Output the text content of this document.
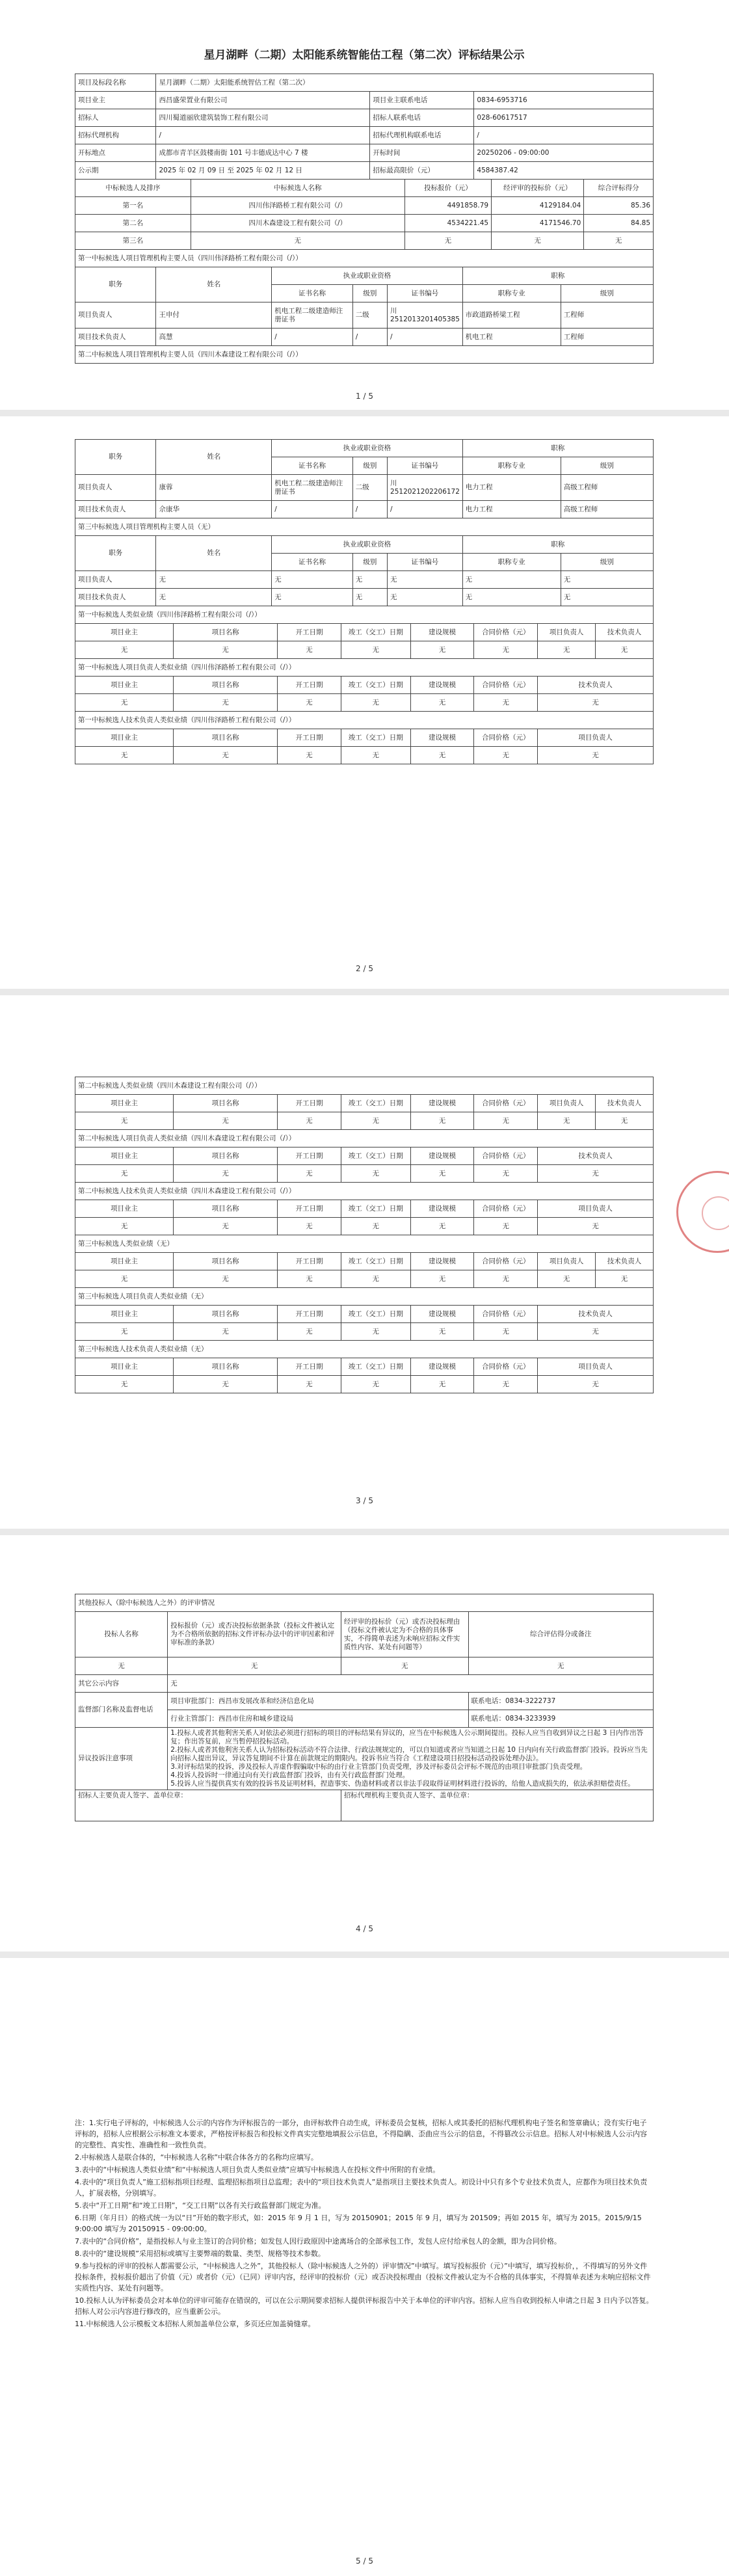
星月湖畔（二期）太阳能系统智能估工程（第二次）评标结果公示
项目及标段名称	星月湖畔（二期）太阳能系统智估工程（第二次）		
项目业主	西昌盛荣置业有限公司	项目业主联系电话	0834-6953716
招标人	四川蜀道丽欣建筑装饰工程有限公司	招标人联系电话	028-60617517
招标代理机构	/	招标代理机构联系电话	/
开标地点	成都市青羊区鼓楼南街 101 号丰德成达中心 7 楼	开标时间	20250206 - 09:00:00
公示期	2025 年 02 月 09 日 至 2025 年 02 月 12 日	招标最高限价（元）	4584387.42
中标候选人及排序	中标候选人名称	投标报价（元）	经评审的投标价（元）	综合评标得分
第一名	四川伟泽路桥工程有限公司（/）	4491858.79	4129184.04	85.36
第二名	四川木森建设工程有限公司（/）	4534221.45	4171546.70	84.85
第三名	无	无	无	无
第一中标候选人项目管理机构主要人员（四川伟泽路桥工程有限公司（/））
职务	姓名	执业或职业资格			职称	
		证书名称	级别	证书编号	职称专业	级别
项目负责人	王申付	机电工程二级建造师注册证书	二级	川 2512013201405385	市政道路桥梁工程	工程师
项目技术负责人	高慧	/	/	/	机电工程	工程师
第二中标候选人项目管理机构主要人员（四川木森建设工程有限公司（/））						
1 / 5
职务	姓名	执业或职业资格			职称	
		证书名称	级别	证书编号	职称专业	级别
项目负责人	康蓉	机电工程二级建造师注册证书	二级	川 2512021202206172	电力工程	高级工程师
项目技术负责人	佘康华	/	/	/	电力工程	高级工程师
第三中标候选人项目管理机构主要人员（无）						
职务	姓名	执业或职业资格			职称	
		证书名称	级别	证书编号	职称专业	级别
项目负责人	无	无	无	无	无	无
项目技术负责人	无	无	无	无	无	无
第一中标候选人类似业绩（四川伟泽路桥工程有限公司（/））							
项目业主	项目名称	开工日期	竣工（交工）日期	建设规模	合同价格（元）	项目负责人	技术负责人
无	无	无	无	无	无	无	无
第一中标候选人项目负责人类似业绩（四川伟泽路桥工程有限公司（/））							
项目业主	项目名称	开工日期	竣工（交工）日期	建设规模	合同价格（元）	技术负责人	
无	无	无	无	无	无	无	
第一中标候选人技术负责人类似业绩（四川伟泽路桥工程有限公司（/））							
项目业主	项目名称	开工日期	竣工（交工）日期	建设规模	合同价格（元）	项目负责人	
无	无	无	无	无	无	无	
2 / 5
第二中标候选人类似业绩（四川木森建设工程有限公司（/））							
项目业主	项目名称	开工日期	竣工（交工）日期	建设规模	合同价格（元）	项目负责人	技术负责人
无	无	无	无	无	无	无	无
第二中标候选人项目负责人类似业绩（四川木森建设工程有限公司（/））							
项目业主	项目名称	开工日期	竣工（交工）日期	建设规模	合同价格（元）	技术负责人	
无	无	无	无	无	无	无	
第二中标候选人技术负责人类似业绩（四川木森建设工程有限公司（/））							
项目业主	项目名称	开工日期	竣工（交工）日期	建设规模	合同价格（元）	项目负责人	
无	无	无	无	无	无	无	
第三中标候选人类似业绩（无）							
项目业主	项目名称	开工日期	竣工（交工）日期	建设规模	合同价格（元）	项目负责人	技术负责人
无	无	无	无	无	无	无	无
第三中标候选人项目负责人类似业绩（无）							
项目业主	项目名称	开工日期	竣工（交工）日期	建设规模	合同价格（元）	技术负责人	
无	无	无	无	无	无	无	
第三中标候选人技术负责人类似业绩（无）							
项目业主	项目名称	开工日期	竣工（交工）日期	建设规模	合同价格（元）	项目负责人	
无	无	无	无	无	无	无	
3 / 5
其他投标人（除中标候选人之外）的评审情况			
投标人名称	投标报价（元）或否决投标依据条款（投标文件被认定为不合格所依据的招标文件评标办法中的评审因素和评审标准的条款）	经评审的投标价（元）或否决投标理由（投标文件被认定为不合格的具体事实，不得简单表述为未响应招标文件实质性内容、某处有问题等）	综合评估得分或备注
无	无	无	无
其它公示内容	无		
监督部门名称及监督电话	项目审批部门：西昌市发展改革和经济信息化局		联系电话：0834-3222737
	行业主管部门：西昌市住房和城乡建设局		联系电话：0834-3233939
异议投诉注意事项	1.投标人或者其他利害关系人对依法必须进行招标的项目的评标结果有异议的，应当在中标候选人公示期间提出。投标人应当自收到异议之日起 3 日内作出答复；作出答复前，应当暂停招投标活动。
2.投标人或者其他利害关系人认为招标投标活动不符合法律、行政法规规定的，可以自知道或者应当知道之日起 10 日内向有关行政监督部门投诉。投诉应当先向招标人提出异议，异议答复期间不计算在前款规定的期限内。投诉书应当符合《工程建设项目招投标活动投诉处理办法》。
3.对评标结果的投诉，涉及投标人弄虚作假骗取中标的由行业主管部门负责受理，涉及评标委员会评标不规范的由项目审批部门负责受理。
4.投诉人投诉时一律通过向有关行政监督部门投诉，由有关行政监督部门处理。
5.投诉人应当提供真实有效的投诉书及证明材料，捏造事实、伪造材料或者以非法手段取得证明材料进行投诉的，给他人造成损失的，依法承担赔偿责任。		

招标人主要负责人签字、盖单位章：		招标代理机构主要负责人签字、盖单位章：	
4 / 5

注：1.实行电子评标的，中标候选人公示的内容作为评标报告的一部分，由评标软件自动生成，评标委员会复核，招标人或其委托的招标代理机构电子签名和签章确认；没有实行电子评标的，招标人应根据公示标准文本要求，严格按评标报告和投标文件真实完整地填报公示信息，不得隐瞒、歪曲应当公示的信息，不得篡改公示信息。招标人对中标候选人公示内容的完整性、真实性、准确性和一致性负责。

2.中标候选人是联合体的，“中标候选人名称”中联合体各方的名称均应填写。

3.表中的“中标候选人类似业绩”和“中标候选人项目负责人类似业绩”应填写中标候选人在投标文件中所附的有业绩。

4.表中的“项目负责人”施工招标指项目经理、监理招标指项目总监理；表中的“项目技术负责人”是指项目主要技术负责人。初设计中只有多个专业技术负责人，应都作为项目技术负责人，扩展表格，分别填写。

5.表中“开工日期”和“竣工日期”，“交工日期”以各有关行政监督部门规定为准。

6.日期（年月日）的格式统一为以“日”开始的数字形式，如：2015 年 9 月 1 日，写为 20150901；2015 年 9 月，填写为 201509；再如 2015 年，填写为 2015。2015/9/15 9:00:00 填写为 20150915 - 09:00:00。

7.表中的“合同价格”，是指投标人与业主签订的合同价格；如发包人因行政原因中途离场合的全部承包工作，发包人应付给承包人的金额，即为合同价格。

8.表中的“建设规模”采用招标或填写主要弊端的数量、类型、规格等技术参数。

9.参与投标的评审的投标人都需要公示，“中标候选人之外”，其他投标人（除中标候选人之外的）评审情况”中填写。填写投标报价（元）”中填写，填写投标价，，不得填写的另外文件投标条件，投标报价超出了价值（元）或者价（元）（已同）评审内容，经评审的投标价（元）或否决投标理由（投标文件被认定为不合格的具体事实，不得简单表述为未响应招标文件实质性内容、某处有问题等。

10.投标人认为评标委员会对本单位的评审可能存在错误的，可以在公示期间要求招标人提供评标报告中关于本单位的评审内容。招标人应当自收到投标人申请之日起 3 日内予以答复。招标人对公示内容进行修改的，应当重新公示。

11.中标候选人公示模板文本招标人须加盖单位公章，多页还应加盖骑缝章。

5 / 5
